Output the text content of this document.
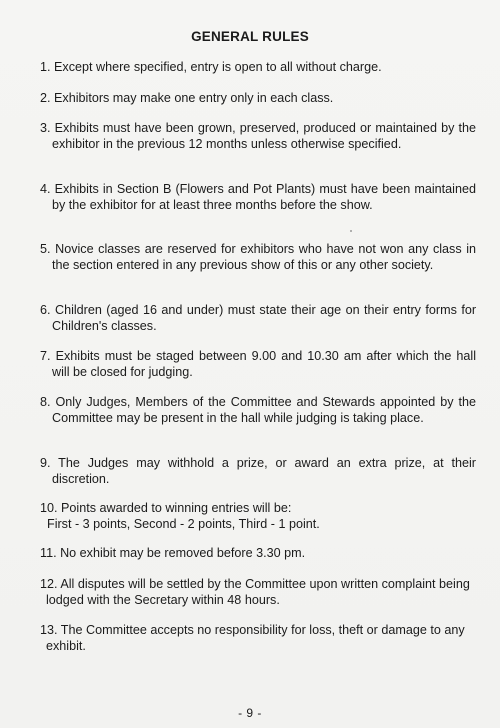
GENERAL RULES
1. Except where specified, entry is open to all without charge.
2. Exhibitors may make one entry only in each class.
3. Exhibits must have been grown, preserved, produced or maintained by the exhibitor in the previous 12 months unless otherwise specified.
4. Exhibits in Section B (Flowers and Pot Plants) must have been maintained by the exhibitor for at least three months before the show.
5. Novice classes are reserved for exhibitors who have not won any class in the section entered in any previous show of this or any other society.
6. Children (aged 16 and under) must state their age on their entry forms for Children's classes.
7. Exhibits must be staged between 9.00 and 10.30 am after which the hall will be closed for judging.
8. Only Judges, Members of the Committee and Stewards appointed by the Committee may be present in the hall while judging is taking place.
9. The Judges may withhold a prize, or award an extra prize, at their discretion.
10. Points awarded to winning entries will be:
First - 3 points, Second - 2 points, Third - 1 point.
11. No exhibit may be removed before 3.30 pm.
12. All disputes will be settled by the Committee upon written complaint being lodged with the Secretary within 48 hours.
13. The Committee accepts no responsibility for loss, theft or damage to any exhibit.
- 9 -
